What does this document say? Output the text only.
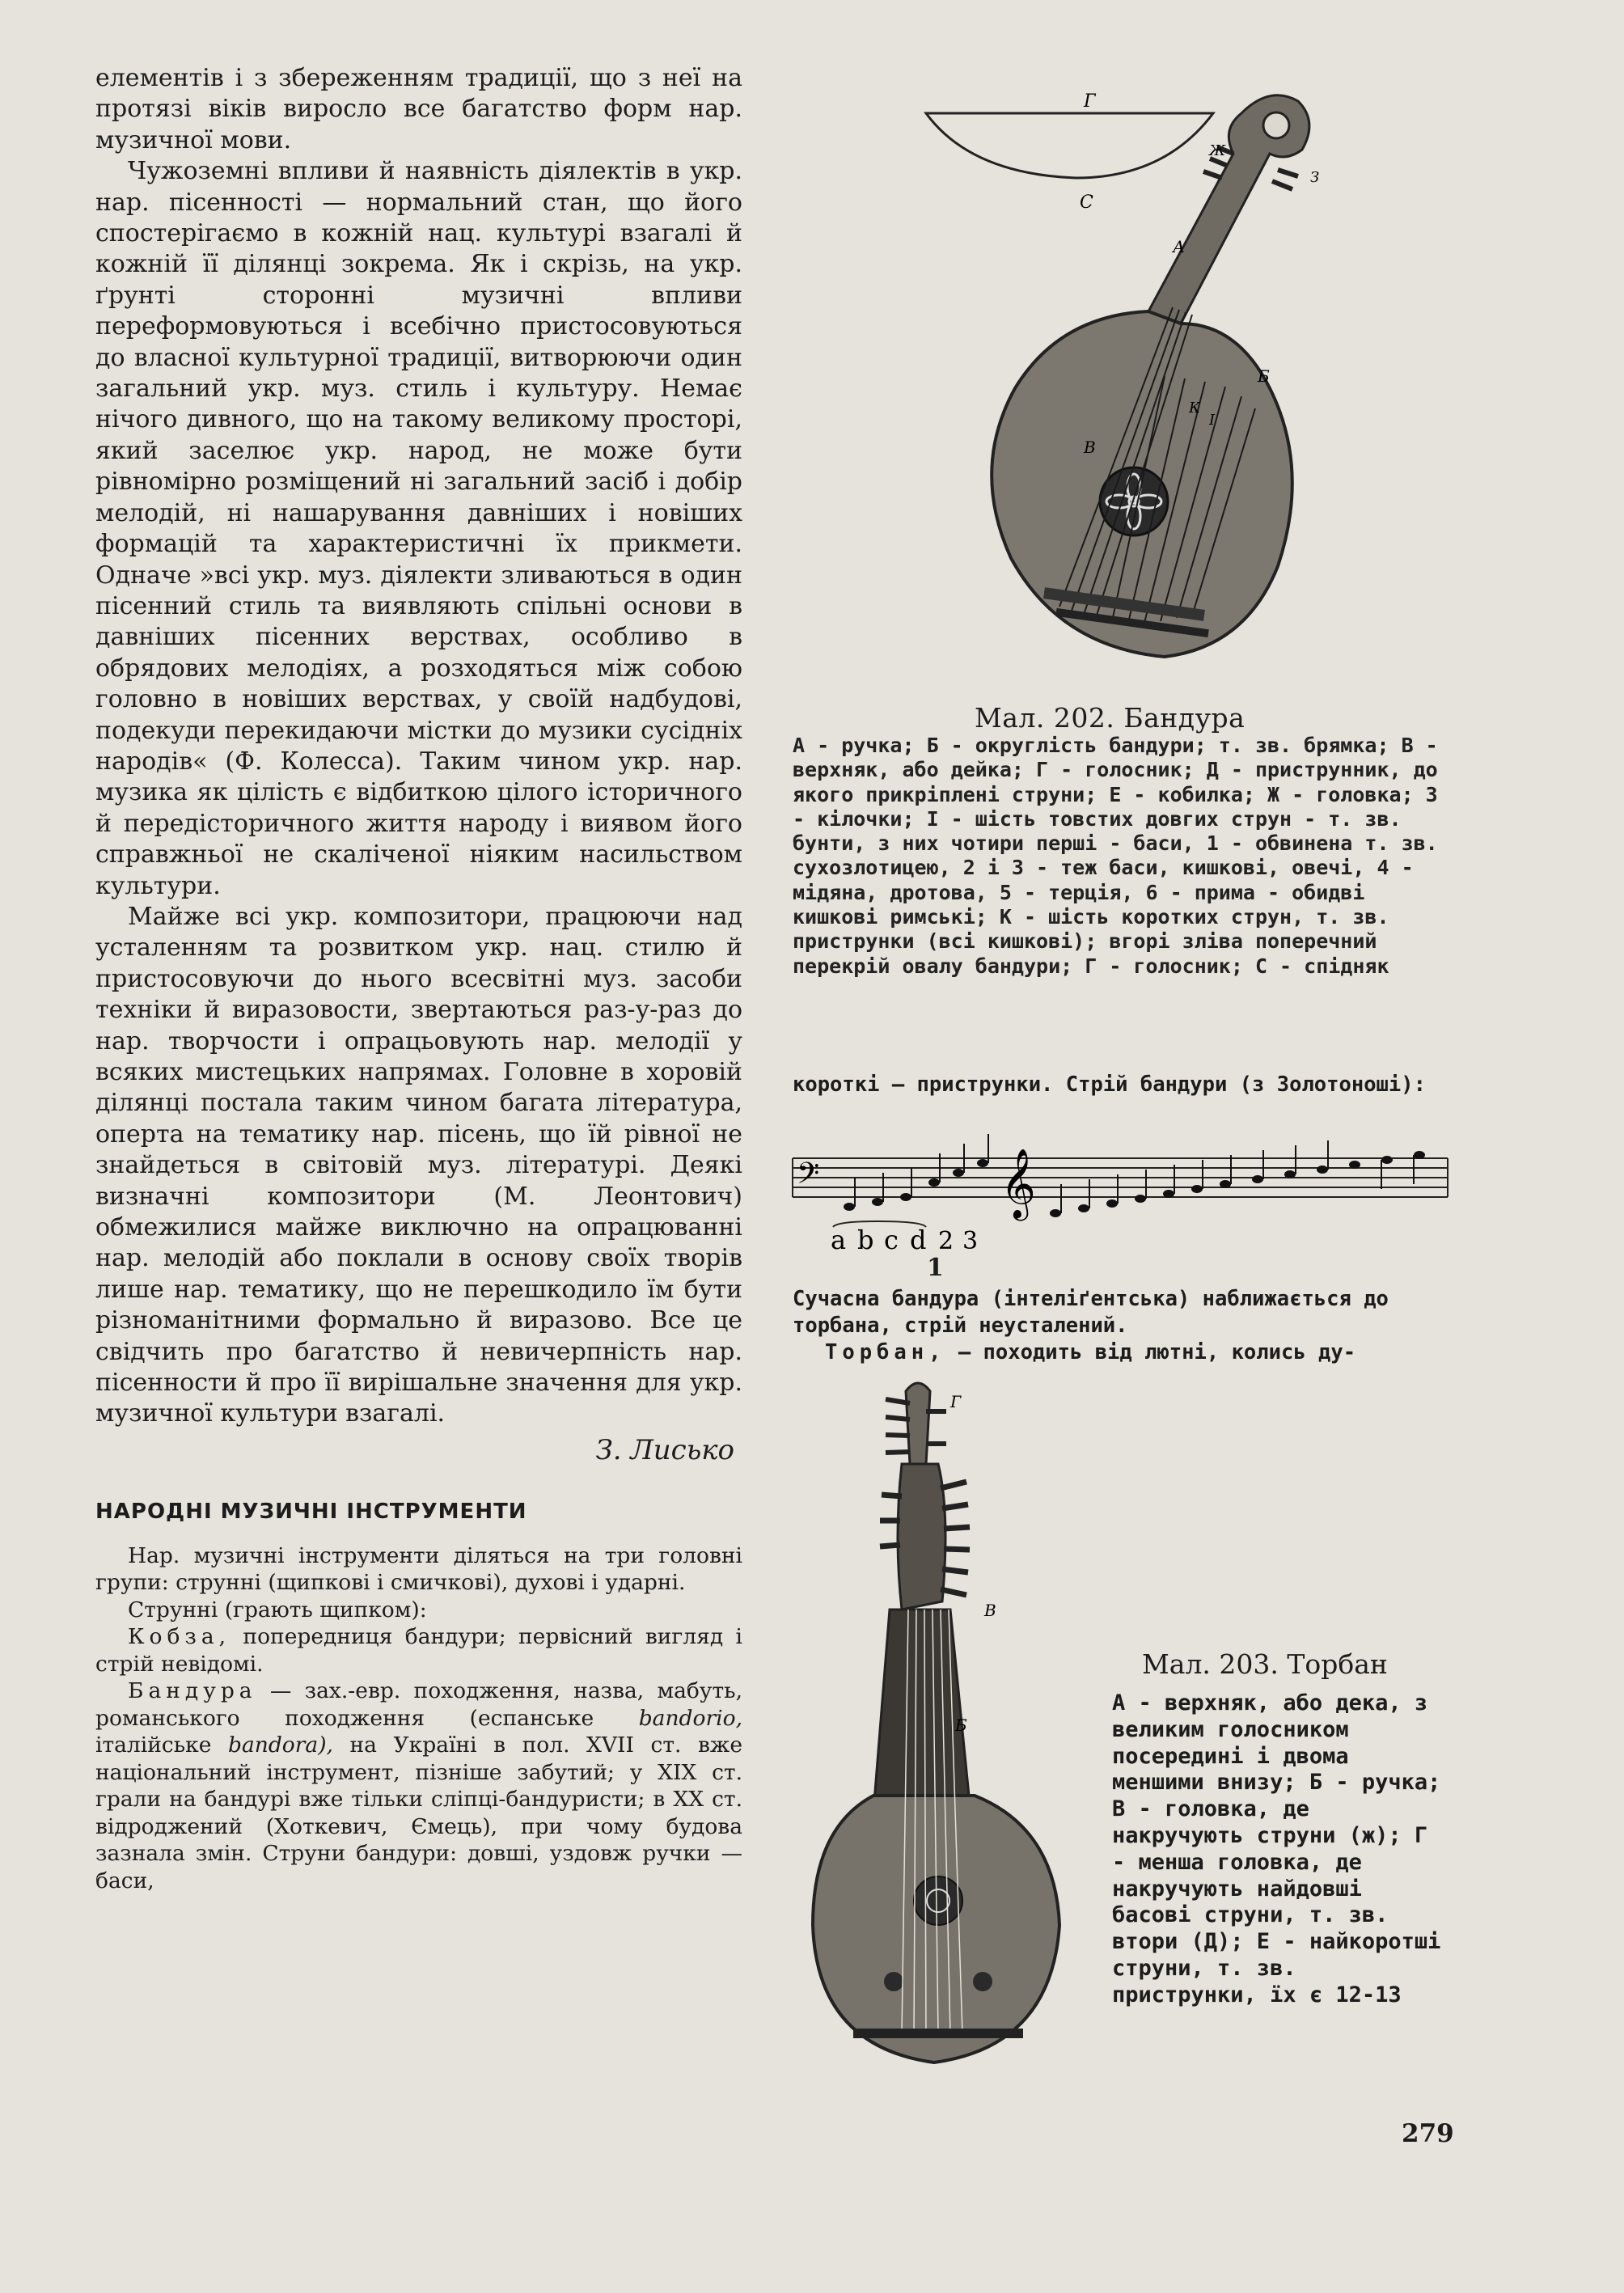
елементів і з збереженням традиції, що з неї на протязі віків виросло все багатство форм нар. музичної мови.

Чужоземні впливи й наявність діялектів в укр. нар. пісенності — нормальний стан, що його спостерігаємо в кожній нац. культурі взагалі й кожній її ділянці зокрема. Як і скрізь, на укр. ґрунті сторонні музичні впливи переформовуються і всебічно пристосовуються до власної культурної традиції, витворюючи один загальний укр. муз. стиль і культуру. Немає нічого дивного, що на такому великому просторі, який заселює укр. народ, не може бути рівномірно розміщений ні загальний засіб і добір мелодій, ні нашарування давніших і новіших формацій та характеристичні їх прикмети. Одначе »всі укр. муз. діялекти зливаються в один пісенний стиль та виявляють спільні основи в давніших пісенних верствах, особливо в обрядових мелодіях, а розходяться між собою головно в новіших верствах, у своїй надбудові, подекуди перекидаючи містки до музики сусідніх народів« (Ф. Колесса). Таким чином укр. нар. музика як цілість є відбиткою цілого історичного й передісторичного життя народу і виявом його справжньої не скаліченої ніяким насильством культури.

Майже всі укр. композитори, працюючи над усталенням та розвитком укр. нац. стилю й пристосовуючи до нього всесвітні муз. засоби техніки й виразовости, звертаються раз-у-раз до нар. творчости і опрацьовують нар. мелодії у всяких мистецьких напрямах. Головне в хоровій ділянці постала таким чином багата література, оперта на тематику нар. пісень, що їй рівної не знайдеться в світовій муз. літературі. Деякі визначні композитори (М. Леонтович) обмежилися майже виключно на опрацюванні нар. мелодій або поклали в основу своїх творів лише нар. тематику, що не перешкодило їм бути різноманітними формально й виразово. Все це свідчить про багатство й невичерпність нар. пісенности й про її вирішальне значення для укр. музичної культури взагалі.

З. Лисько
НАРОДНІ МУЗИЧНІ ІНСТРУМЕНТИ

Нар. музичні інструменти діляться на три головні групи: струнні (щипкові і смичкові), духові і ударні.

Струнні (грають щипком):

Кобза, попередниця бандури; первісний вигляд і стрій невідомі.

Бандура — зах.-евр. походження, назва, мабуть, романського походження (еспанське bandorio, італійське bandora), на Україні в пол. XVII ст. вже національний інструмент, пізніше забутий; у XIX ст. грали на бандурі вже тільки сліпці-бандуристи; в XX ст. відроджений (Хоткевич, Ємець), при чому будова зазнала змін. Струни бандури: довші, уздовж ручки — баси,

Г
С
А
Б
В
Ж
З
I
К
Мал. 202. Бандура

А - ручка; Б - округлість бандури; т. зв. брямка; В - верхняк, або дейка; Г - голосник; Д - приструнник, до якого прикріплені струни; Е - кобилка; Ж - головка; З - кілочки; I - шість товстих довгих струн - т. зв. бунти, з них чотири перші - баси, 1 - обвинена т. зв. сухозлотицею, 2 і 3 - теж баси, кишкові, овечі, 4 - мідяна, дротова, 5 - терція, 6 - прима - обидві кишкові римські; К - шість коротких струн, т. зв. приструнки (всі кишкові); вгорі зліва поперечний перекрій овалу бандури; Г - голосник; С - спідняк

короткі — приструнки. Стрій бандури (з Золотоноші):

𝄢	𝄞
a b c d 2 3
1

Сучасна бандура (інтеліґентська) наближається до торбана, стрій неусталений.

Торбан, — походить від лютні, колись ду-

Г
В
Б
Мал. 203. Торбан

А - верхняк, або дека, з великим голосником посередині і двома меншими внизу; Б - ручка; В - головка, де накручують струни (ж); Г - менша головка, де накручують найдовші басові струни, т. зв. втори (Д); Е - найкоротші струни, т. зв. приструнки, їх є 12-13

279
